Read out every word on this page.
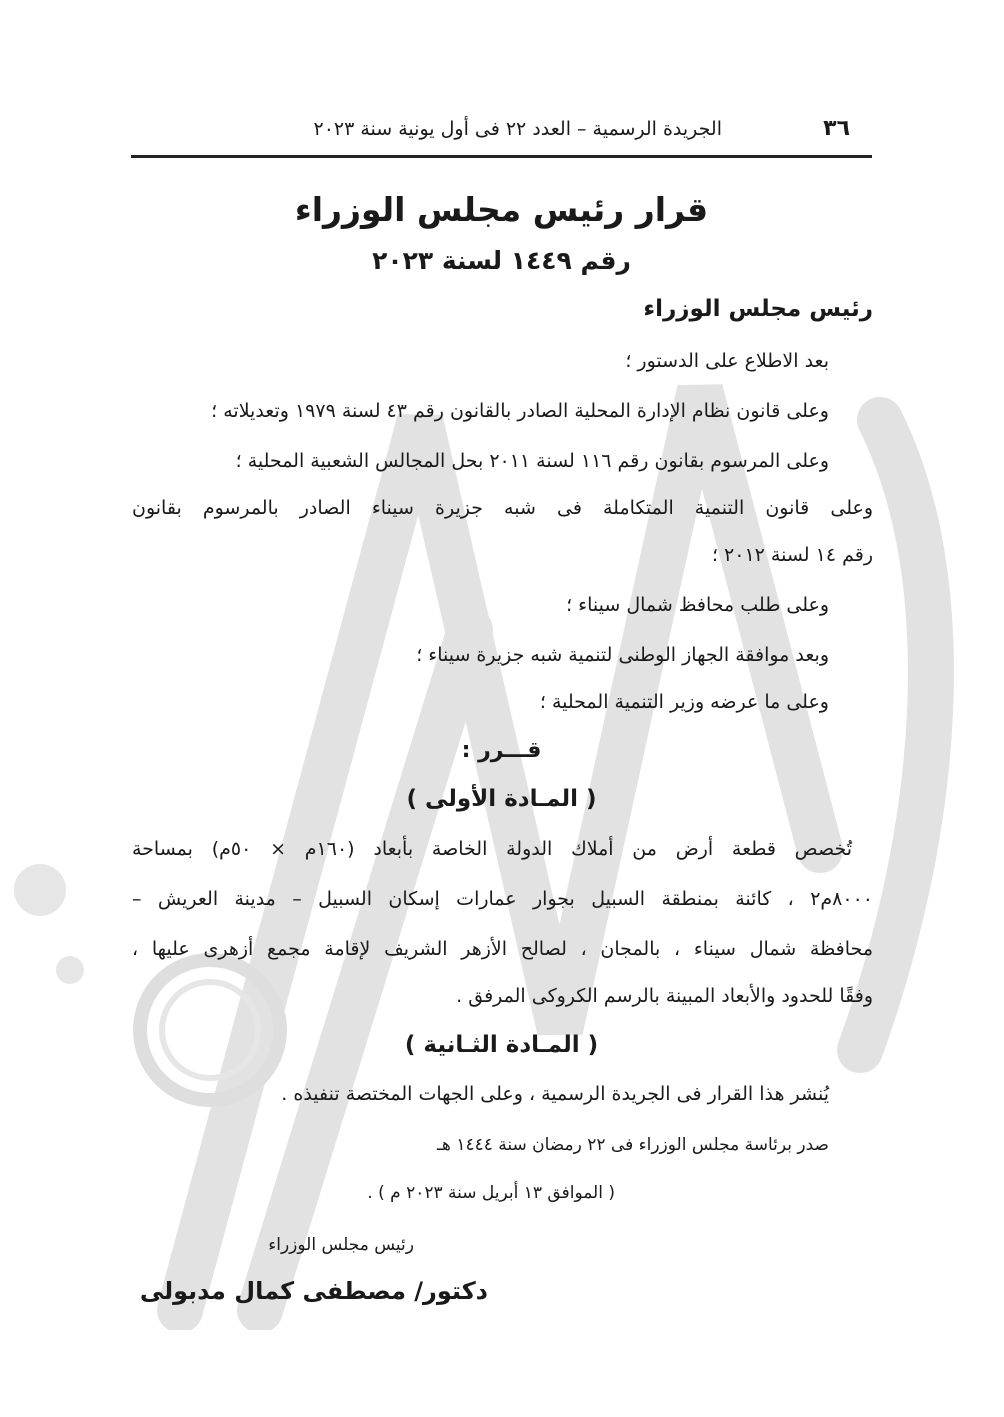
٣٦
الجريدة الرسمية – العدد ٢٢ فى أول يونية سنة ٢٠٢٣
قرار رئيس مجلس الوزراء
رقم ١٤٤٩ لسنة ٢٠٢٣
رئيس مجلس الوزراء
بعد الاطلاع على الدستور ؛
وعلى قانون نظام الإدارة المحلية الصادر بالقانون رقم ٤٣ لسنة ١٩٧٩ وتعديلاته ؛
وعلى المرسوم بقانون رقم ١١٦ لسنة ٢٠١١ بحل المجالس الشعبية المحلية ؛
وعلى قانون التنمية المتكاملة فى شبه جزيرة سيناء الصادر بالمرسوم بقانون
رقم ١٤ لسنة ٢٠١٢ ؛
وعلى طلب محافظ شمال سيناء ؛
وبعد موافقة الجهاز الوطنى لتنمية شبه جزيرة سيناء ؛
وعلى ما عرضه وزير التنمية المحلية ؛
قـــرر :
( المـادة الأولى )
تُخصص قطعة أرض من أملاك الدولة الخاصة بأبعاد (١٦٠م × ٥٠م) بمساحة
٨٠٠٠م٢ ، كائنة بمنطقة السبيل بجوار عمارات إسكان السبيل – مدينة العريش –
محافظة شمال سيناء ، بالمجان ، لصالح الأزهر الشريف لإقامة مجمع أزهرى عليها ،
وفقًا للحدود والأبعاد المبينة بالرسم الكروكى المرفق .
( المـادة الثـانية )
يُنشر هذا القرار فى الجريدة الرسمية ، وعلى الجهات المختصة تنفيذه .
صدر برئاسة مجلس الوزراء فى ٢٢ رمضان سنة ١٤٤٤ هـ
( الموافق ١٣ أبريل سنة ٢٠٢٣ م ) .
رئيس مجلس الوزراء
دكتور/ مصطفى كمال مدبولى
